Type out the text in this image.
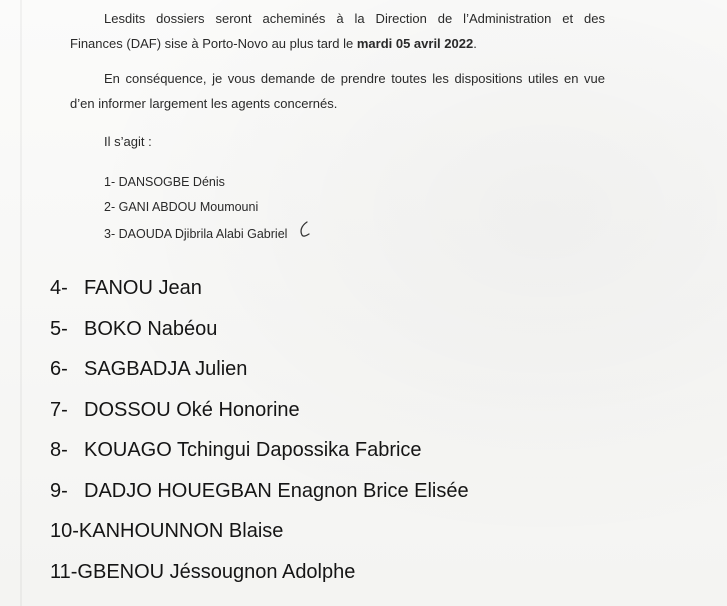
Lesdits dossiers seront acheminés à la Direction de l’Administration et des
Finances (DAF) sise à Porto-Novo au plus tard le mardi 05 avril 2022.
En conséquence, je vous demande de prendre toutes les dispositions utiles en vue
d’en informer largement les agents concernés.
Il s’agit :
1- DANSOGBE Dénis
2- GANI ABDOU Moumouni
3- DAOUDA Djibrila Alabi Gabriel
4- FANOU Jean
5- BOKO Nabéou
6- SAGBADJA Julien
7- DOSSOU Oké Honorine
8- KOUAGO Tchingui Dapossika Fabrice
9- DADJO HOUEGBAN Enagnon Brice Elisée
10-KANHOUNNON Blaise
11-GBENOU Jéssougnon Adolphe
